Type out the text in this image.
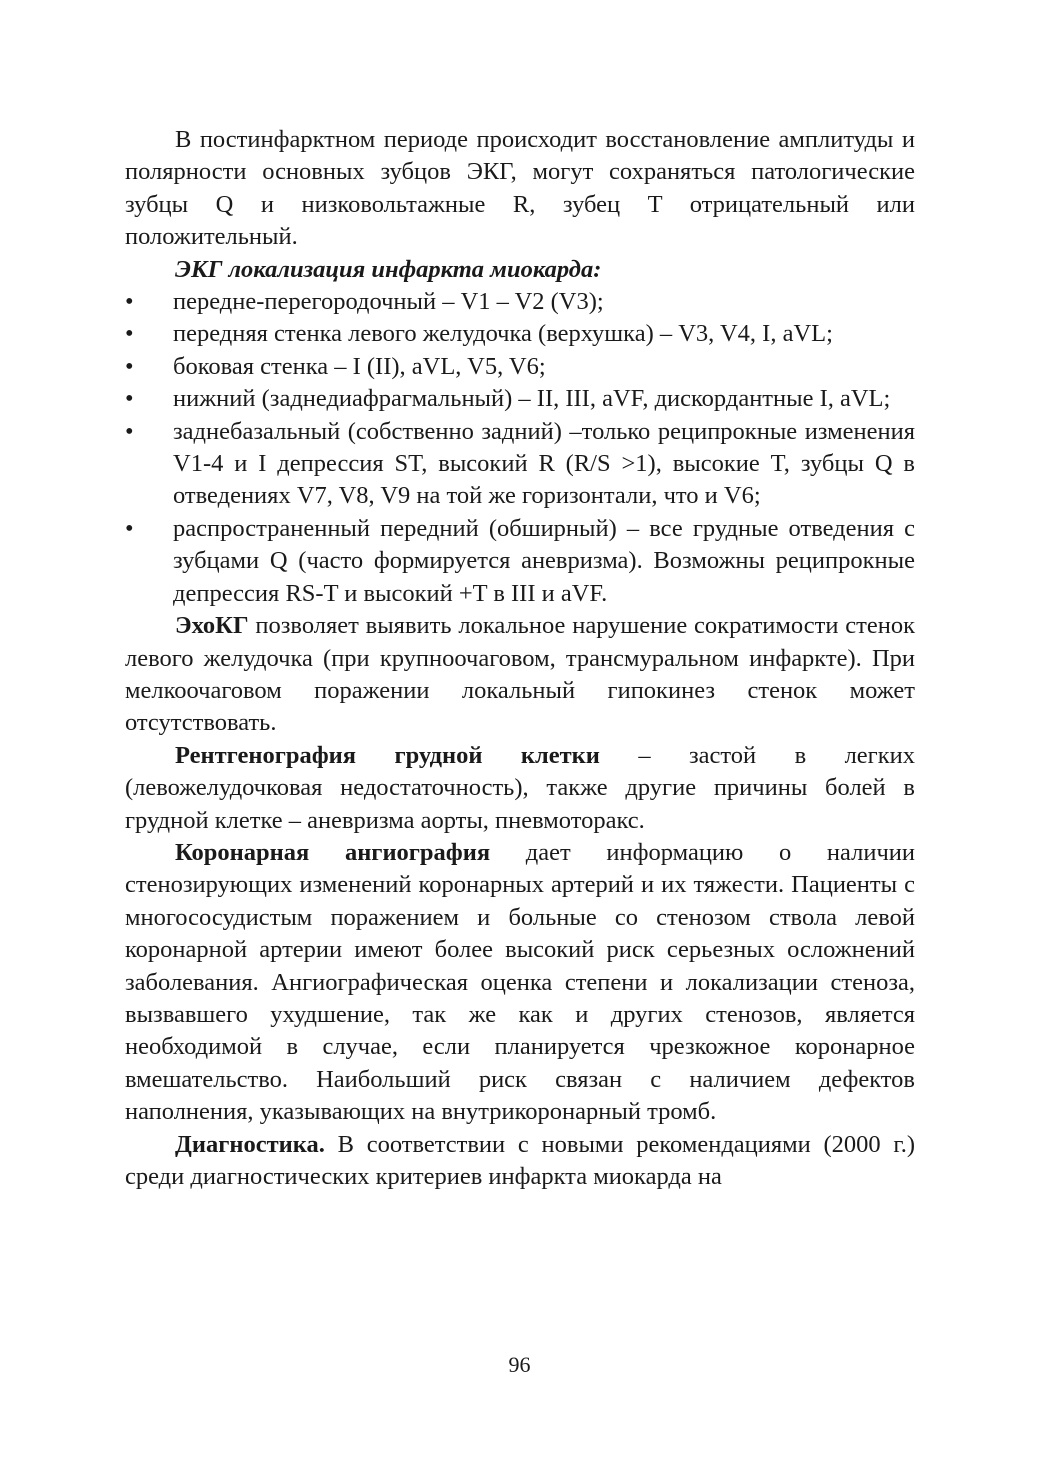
В постинфарктном периоде происходит восстановление амплитуды и полярности основных зубцов ЭКГ, могут сохраняться патологические зубцы Q и низковольтажные R, зубец T отрицательный или положительный.

ЭКГ локализация инфаркта миокарда:

•	передне-перегородочный – V1 – V2 (V3);
•	передняя стенка левого желудочка (верхушка) – V3, V4, I, aVL;
•	боковая стенка – I (II), aVL, V5, V6;
•	нижний (заднедиафрагмальный) – II, III, aVF, дискордантные I, aVL;
•	заднебазальный (собственно задний) –только реципрокные изменения V1-4 и I депрессия ST, высокий R (R/S >1), высокие T, зубцы Q в отведениях V7, V8, V9 на той же горизонтали, что и V6;
•	распространенный передний (обширный) – все грудные отведения с зубцами Q (часто формируется аневризма). Возможны реципрокные депрессия RS-T и высокий +T в III и aVF.

ЭхоКГ позволяет выявить локальное нарушение сократимости стенок левого желудочка (при крупноочаговом, трансмуральном инфаркте). При мелкоочаговом поражении локальный гипокинез стенок может отсутствовать.

Рентгенография грудной клетки – застой в легких (левожелудочковая недостаточность), также другие причины болей в грудной клетке – аневризма аорты, пневмоторакс.

Коронарная ангиография дает информацию о наличии стенозирующих изменений коронарных артерий и их тяжести. Пациенты с многососудистым поражением и больные со стенозом ствола левой коронарной артерии имеют более высокий риск серьезных осложнений заболевания. Ангиографическая оценка степени и локализации стеноза, вызвавшего ухудшение, так же как и других стенозов, является необходимой в случае, если планируется чрезкожное коронарное вмешательство. Наибольший риск связан с наличием дефектов наполнения, указывающих на внутрикоронарный тромб.

Диагностика. В соответствии с новыми рекомендациями (2000 г.) среди диагностических критериев инфаркта миокарда на

96
